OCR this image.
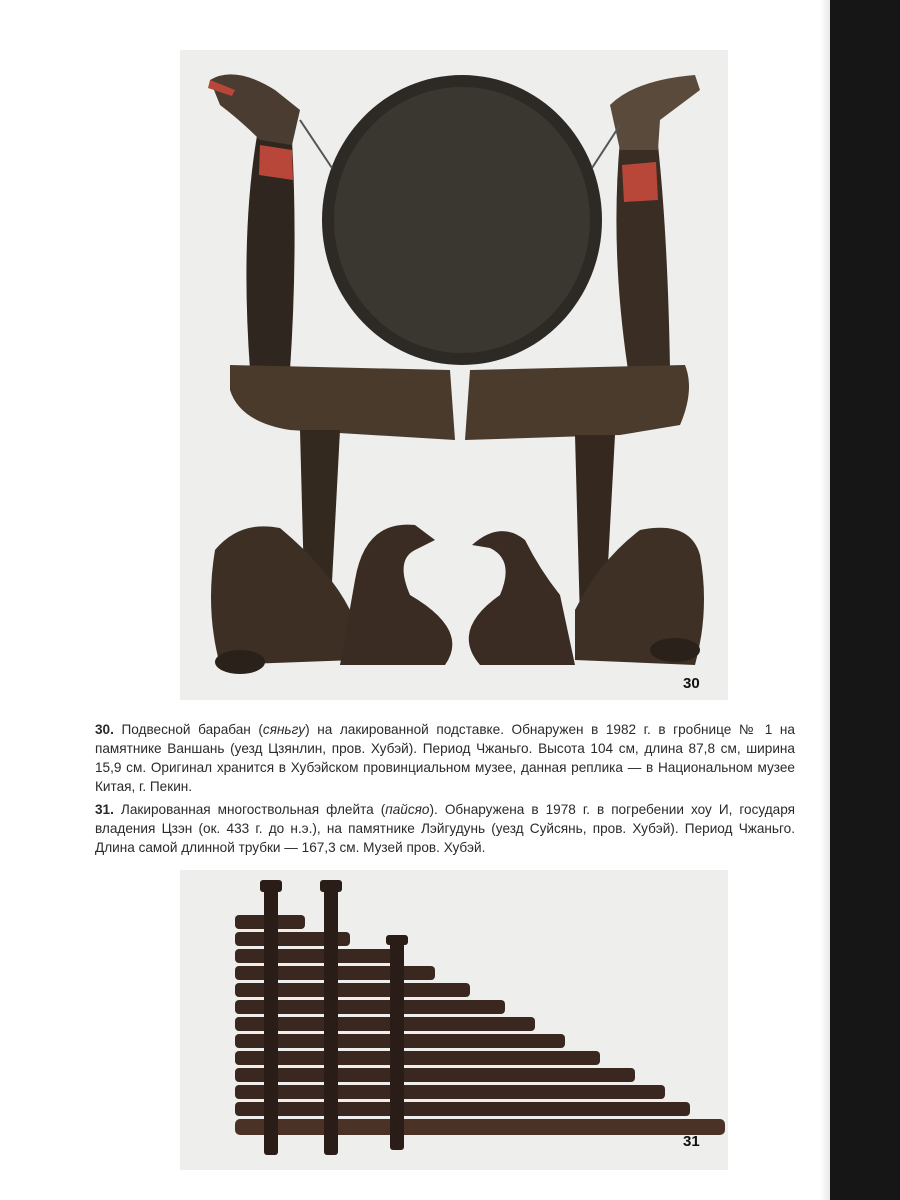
30
30. Подвесной барабан (сяньгу) на лакированной подставке. Обнаружен в 1982 г. в гробнице № 1 на памятнике Ваншань (уезд Цзянлин, пров. Хубэй). Период Чжаньго. Высота 104 см, длина 87,8 см, ширина 15,9 см. Оригинал хранится в Хубэйском провинциальном музее, данная реплика — в Национальном музее Китая, г. Пекин.
31. Лакированная многоствольная флейта (пайсяо). Обнаружена в 1978 г. в погребении хоу И, государя владения Цзэн (ок. 433 г. до н.э.), на памятнике Лэйгудунь (уезд Суйсянь, пров. Хубэй). Период Чжаньго. Длина самой длинной трубки — 167,3 см. Музей пров. Хубэй.
31
